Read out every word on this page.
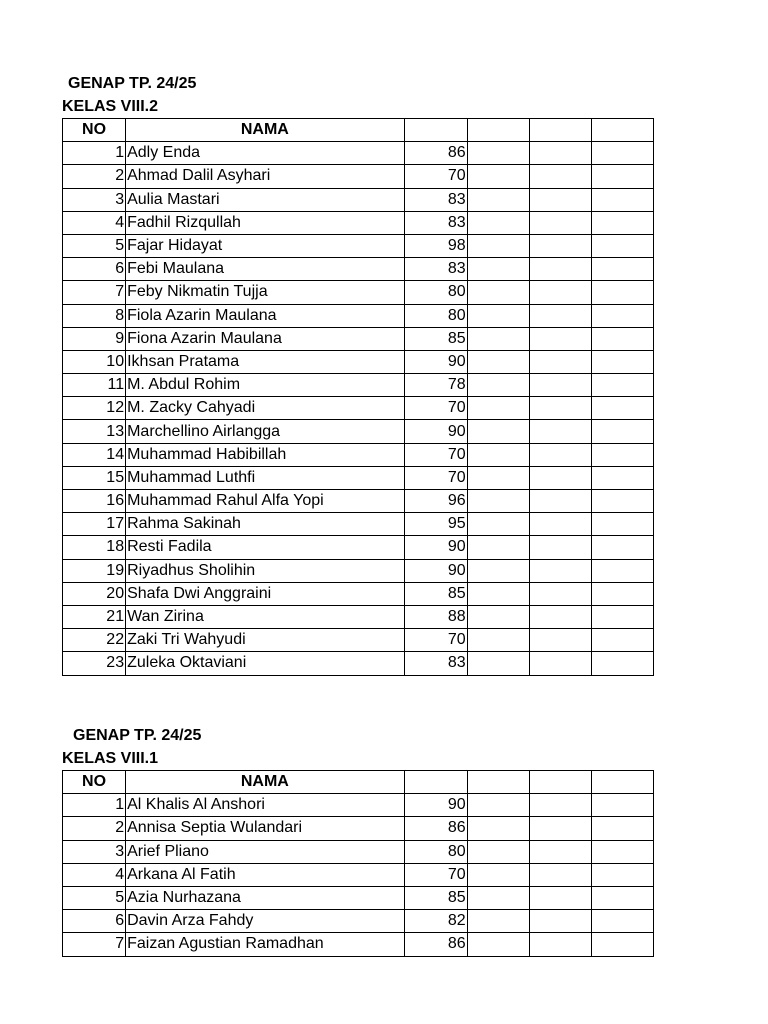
GENAP TP. 24/25
KELAS VIII.2
NO	NAMA				
1	Adly Enda	86			
2	Ahmad Dalil Asyhari	70			
3	Aulia Mastari	83			
4	Fadhil Rizqullah	83			
5	Fajar Hidayat	98			
6	Febi Maulana	83			
7	Feby Nikmatin Tujja	80			
8	Fiola Azarin Maulana	80			
9	Fiona Azarin Maulana	85			
10	Ikhsan Pratama	90			
11	M. Abdul Rohim	78			
12	M. Zacky Cahyadi	70			
13	Marchellino Airlangga	90			
14	Muhammad Habibillah	70			
15	Muhammad Luthfi	70			
16	Muhammad Rahul Alfa Yopi	96			
17	Rahma Sakinah	95			
18	Resti Fadila	90			
19	Riyadhus Sholihin	90			
20	Shafa Dwi Anggraini	85			
21	Wan Zirina	88			
22	Zaki Tri Wahyudi	70			
23	Zuleka Oktaviani	83			
GENAP TP. 24/25
KELAS VIII.1
NO	NAMA				
1	Al Khalis Al Anshori	90			
2	Annisa Septia Wulandari	86			
3	Arief Pliano	80			
4	Arkana Al Fatih	70			
5	Azia Nurhazana	85			
6	Davin Arza Fahdy	82			
7	Faizan Agustian Ramadhan	86			
